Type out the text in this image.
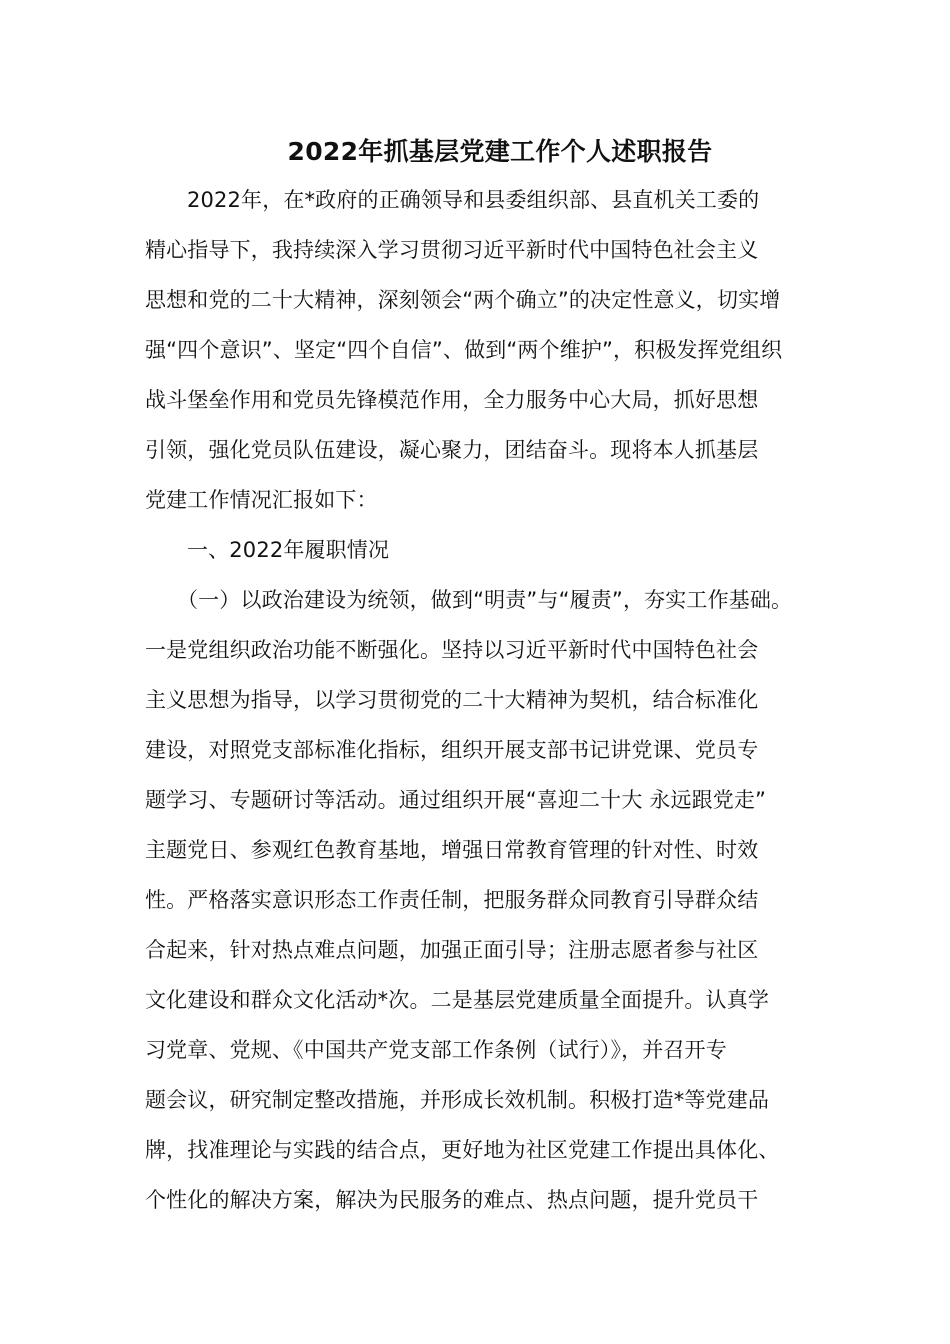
2022年抓基层党建工作个人述职报告
2022年，在*政府的正确领导和县委组织部、县直机关工委的
精心指导下，我持续深入学习贯彻习近平新时代中国特色社会主义
思想和党的二十大精神，深刻领会“两个确立”的决定性意义，切实增
强“四个意识”、坚定“四个自信”、做到“两个维护”，积极发挥党组织
战斗堡垒作用和党员先锋模范作用，全力服务中心大局，抓好思想
引领，强化党员队伍建设，凝心聚力，团结奋斗。现将本人抓基层
党建工作情况汇报如下：
一、2022年履职情况
（一）以政治建设为统领，做到“明责”与“履责”，夯实工作基础。
一是党组织政治功能不断强化。坚持以习近平新时代中国特色社会
主义思想为指导，以学习贯彻党的二十大精神为契机，结合标准化
建设，对照党支部标准化指标，组织开展支部书记讲党课、党员专
题学习、专题研讨等活动。通过组织开展“喜迎二十大 永远跟党走”
主题党日、参观红色教育基地，增强日常教育管理的针对性、时效
性。严格落实意识形态工作责任制，把服务群众同教育引导群众结
合起来，针对热点难点问题，加强正面引导；注册志愿者参与社区
文化建设和群众文化活动*次。二是基层党建质量全面提升。认真学
习党章、党规、《中国共产党支部工作条例（试行）》，并召开专
题会议，研究制定整改措施，并形成长效机制。积极打造*等党建品
牌，找准理论与实践的结合点，更好地为社区党建工作提出具体化、
个性化的解决方案，解决为民服务的难点、热点问题，提升党员干
